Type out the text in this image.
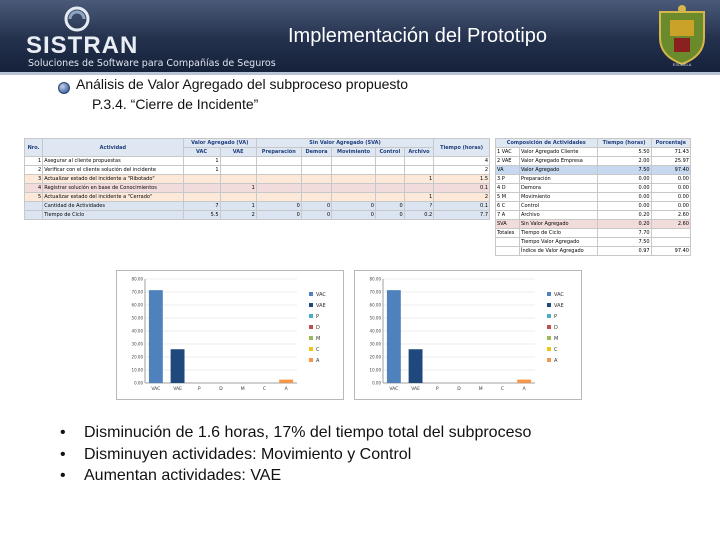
SISTRAN
Soluciones de Software para Compañías de Seguros
Implementación del Prototipo
ESCUELA
Análisis de Valor Agregado del subproceso propuesto
P.3.4. “Cierre de Incidente”
Nro.	Actividad	Valor Agregado (VA)		Sin Valor Agregado (SVA)					Tiempo (horas)
		VAC	VAE	Preparación	Demora	Movimiento	Control	Archivo	
1	Asegurar al cliente propuestas	1							4
2	Verificar con el cliente solución del incidente	1							2
3	Actualizar estado del incidente a "Ribotado"							1	1.5
4	Registrar solución en base de Conocimientos		1						0.1
5	Actualizar estado del incidente a "Cerrado"							1	2
	Cantidad de Actividades	7	1	0	0	0	0	?	0.1
	Tiempo de Ciclo	5.5	2	0	0	0	0	0.2	7.7
Composición de Actividades		Tiempo (horas)	Porcentaje
1 VAC	Valor Agregado Cliente	5.50	71.43
2 VAE	Valor Agregado Empresa	2.00	25.97
VA	Valor Agregado	7.50	97.40
3 P	Preparación	0.00	0.00
4 D	Demora	0.00	0.00
5 M	Movimiento	0.00	0.00
6 C	Control	0.00	0.00
7 A	Archivo	0.20	2.60
SVA	Sin Valor Agregado	0.20	2.60
Totales	Tiempo de Ciclo	7.70	
	Tiempo Valor Agregado	7.50	
	Índice de Valor Agregado	0.97	97.40
0.00
10.00
20.00
30.00
40.00
50.00
60.00
70.00
80.00
VAC	VAE	P	D	M	C	A
VAC
VAE
P
D
M
C
A
0.00
10.00
20.00
30.00
40.00
50.00
60.00
70.00
80.00
VAC	VAE	P	D	M	C	A
VAC
VAE
P
D
M
C
A
• Disminución de 1.6 horas, 17% del tiempo total del subproceso
• Disminuyen actividades: Movimiento y Control
• Aumentan actividades: VAE
